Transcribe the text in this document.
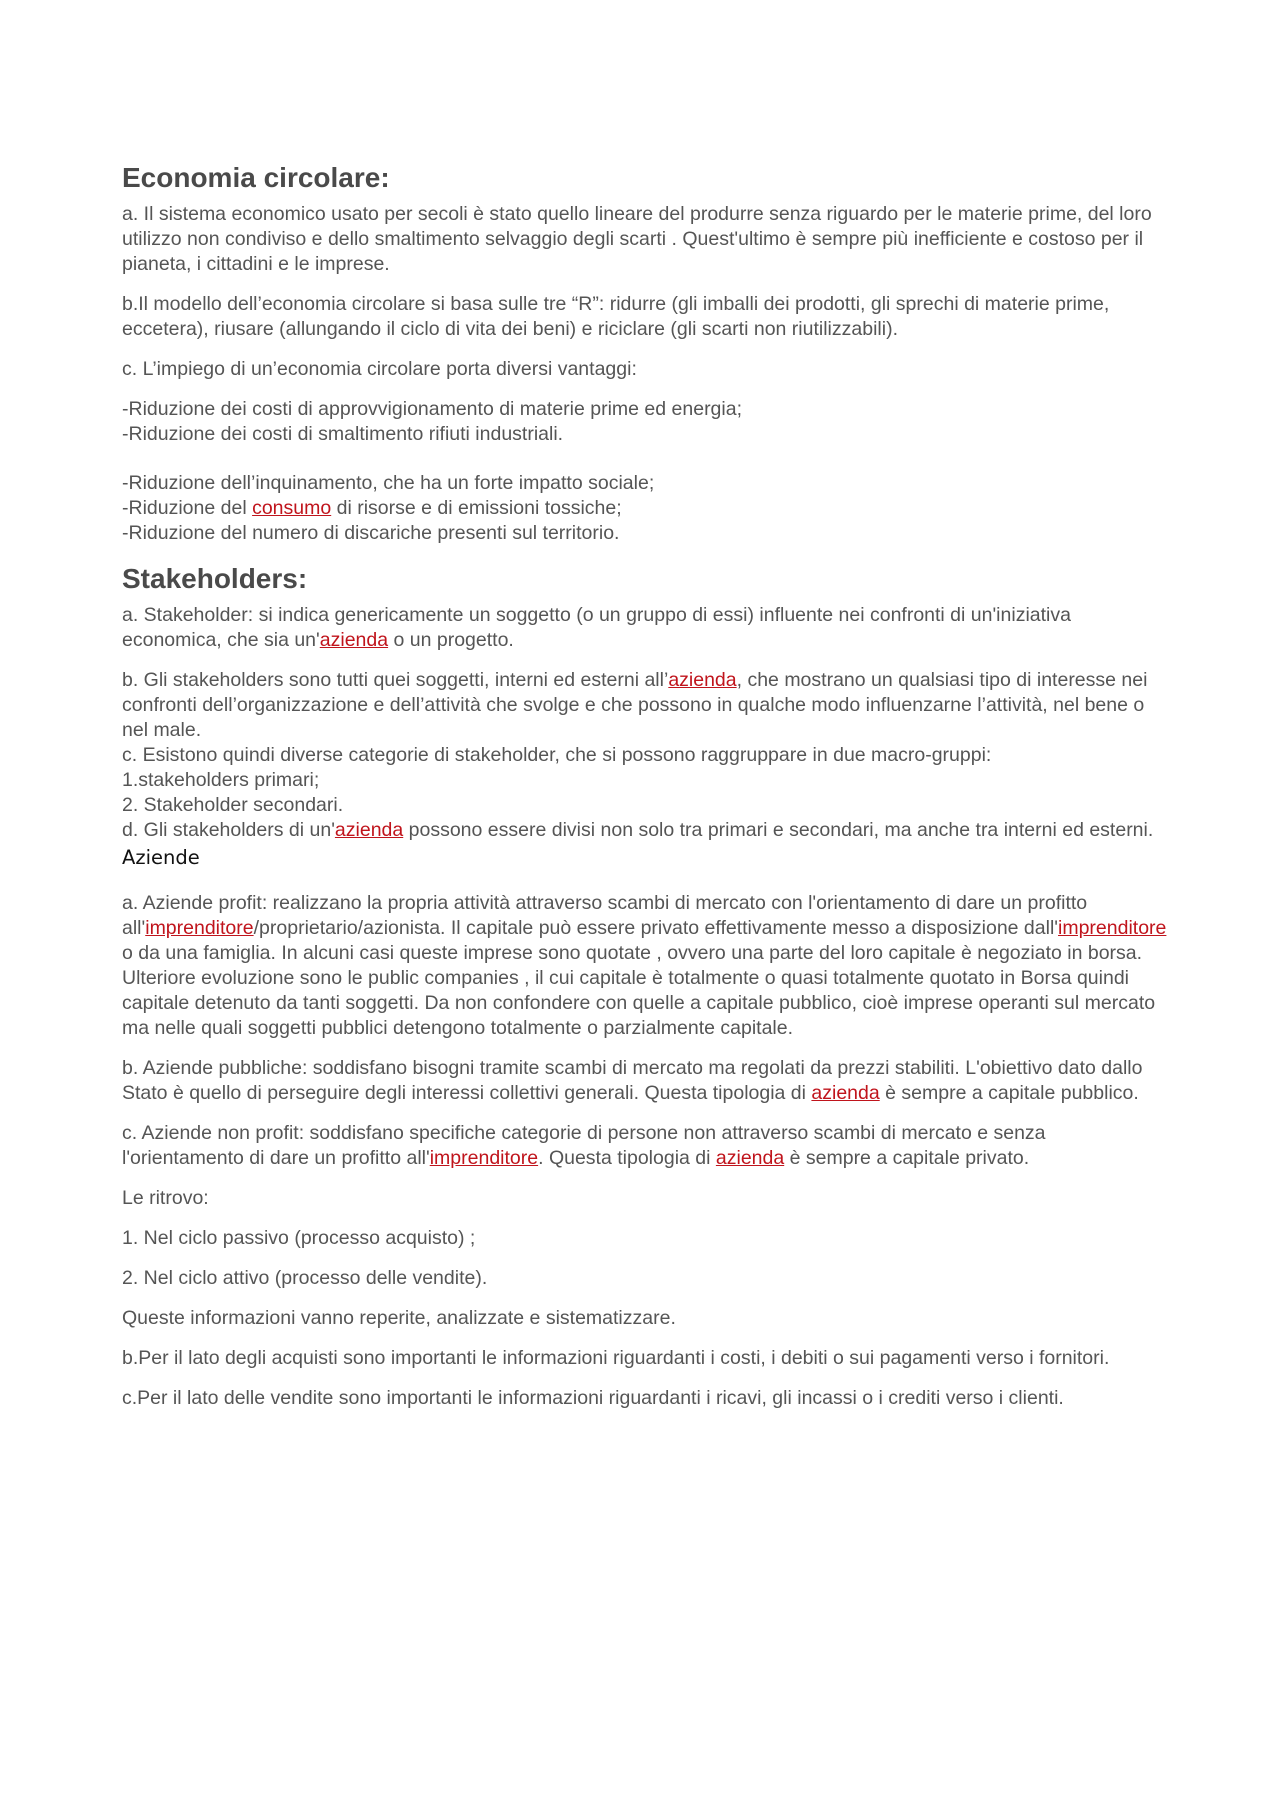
Economia circolare:

a. Il sistema economico usato per secoli è stato quello lineare del produrre senza riguardo per le materie prime, del loro utilizzo non condiviso e dello smaltimento selvaggio degli scarti . Quest'ultimo è sempre più inefficiente e costoso per il pianeta, i cittadini e le imprese.

b.Il modello dell’economia circolare si basa sulle tre “R”: ridurre (gli imballi dei prodotti, gli sprechi di materie prime, eccetera), riusare (allungando il ciclo di vita dei beni) e riciclare (gli scarti non riutilizzabili).

c. L’impiego di un’economia circolare porta diversi vantaggi:

-Riduzione dei costi di approvvigionamento di materie prime ed energia;

-Riduzione dei costi di smaltimento rifiuti industriali.

-Riduzione dell’inquinamento, che ha un forte impatto sociale;

-Riduzione del consumo di risorse e di emissioni tossiche;

-Riduzione del numero di discariche presenti sul territorio.

Stakeholders:

a. Stakeholder: si indica genericamente un soggetto (o un gruppo di essi) influente nei confronti di un'iniziativa economica, che sia un'azienda o un progetto.

b. Gli stakeholders sono tutti quei soggetti, interni ed esterni all’azienda, che mostrano un qualsiasi tipo di interesse nei confronti dell’organizzazione e dell’attività che svolge e che possono in qualche modo influenzarne l’attività, nel bene o nel male.

c. Esistono quindi diverse categorie di stakeholder, che si possono raggruppare in due macro-gruppi:

1.stakeholders primari;

2. Stakeholder secondari.

d. Gli stakeholders di un'azienda possono essere divisi non solo tra primari e secondari, ma anche tra interni ed esterni.

Aziende

a. Aziende profit: realizzano la propria attività attraverso scambi di mercato con l'orientamento di dare un profitto all'imprenditore/proprietario/azionista. Il capitale può essere privato effettivamente messo a disposizione dall'imprenditore o da una famiglia. In alcuni casi queste imprese sono quotate , ovvero una parte del loro capitale è negoziato in borsa. Ulteriore evoluzione sono le public companies , il cui capitale è totalmente o quasi totalmente quotato in Borsa quindi capitale detenuto da tanti soggetti. Da non confondere con quelle a capitale pubblico, cioè imprese operanti sul mercato ma nelle quali soggetti pubblici detengono totalmente o parzialmente capitale.

b. Aziende pubbliche: soddisfano bisogni tramite scambi di mercato ma regolati da prezzi stabiliti. L'obiettivo dato dallo Stato è quello di perseguire degli interessi collettivi generali. Questa tipologia di azienda è sempre a capitale pubblico.

c. Aziende non profit: soddisfano specifiche categorie di persone non attraverso scambi di mercato e senza l'orientamento di dare un profitto all'imprenditore. Questa tipologia di azienda è sempre a capitale privato.

Le ritrovo:

1. Nel ciclo passivo (processo acquisto) ;

2. Nel ciclo attivo (processo delle vendite).

Queste informazioni vanno reperite, analizzate e sistematizzare.

b.Per il lato degli acquisti sono importanti le informazioni riguardanti i costi, i debiti o sui pagamenti verso i fornitori.

c.Per il lato delle vendite sono importanti le informazioni riguardanti i ricavi, gli incassi o i crediti verso i clienti.
